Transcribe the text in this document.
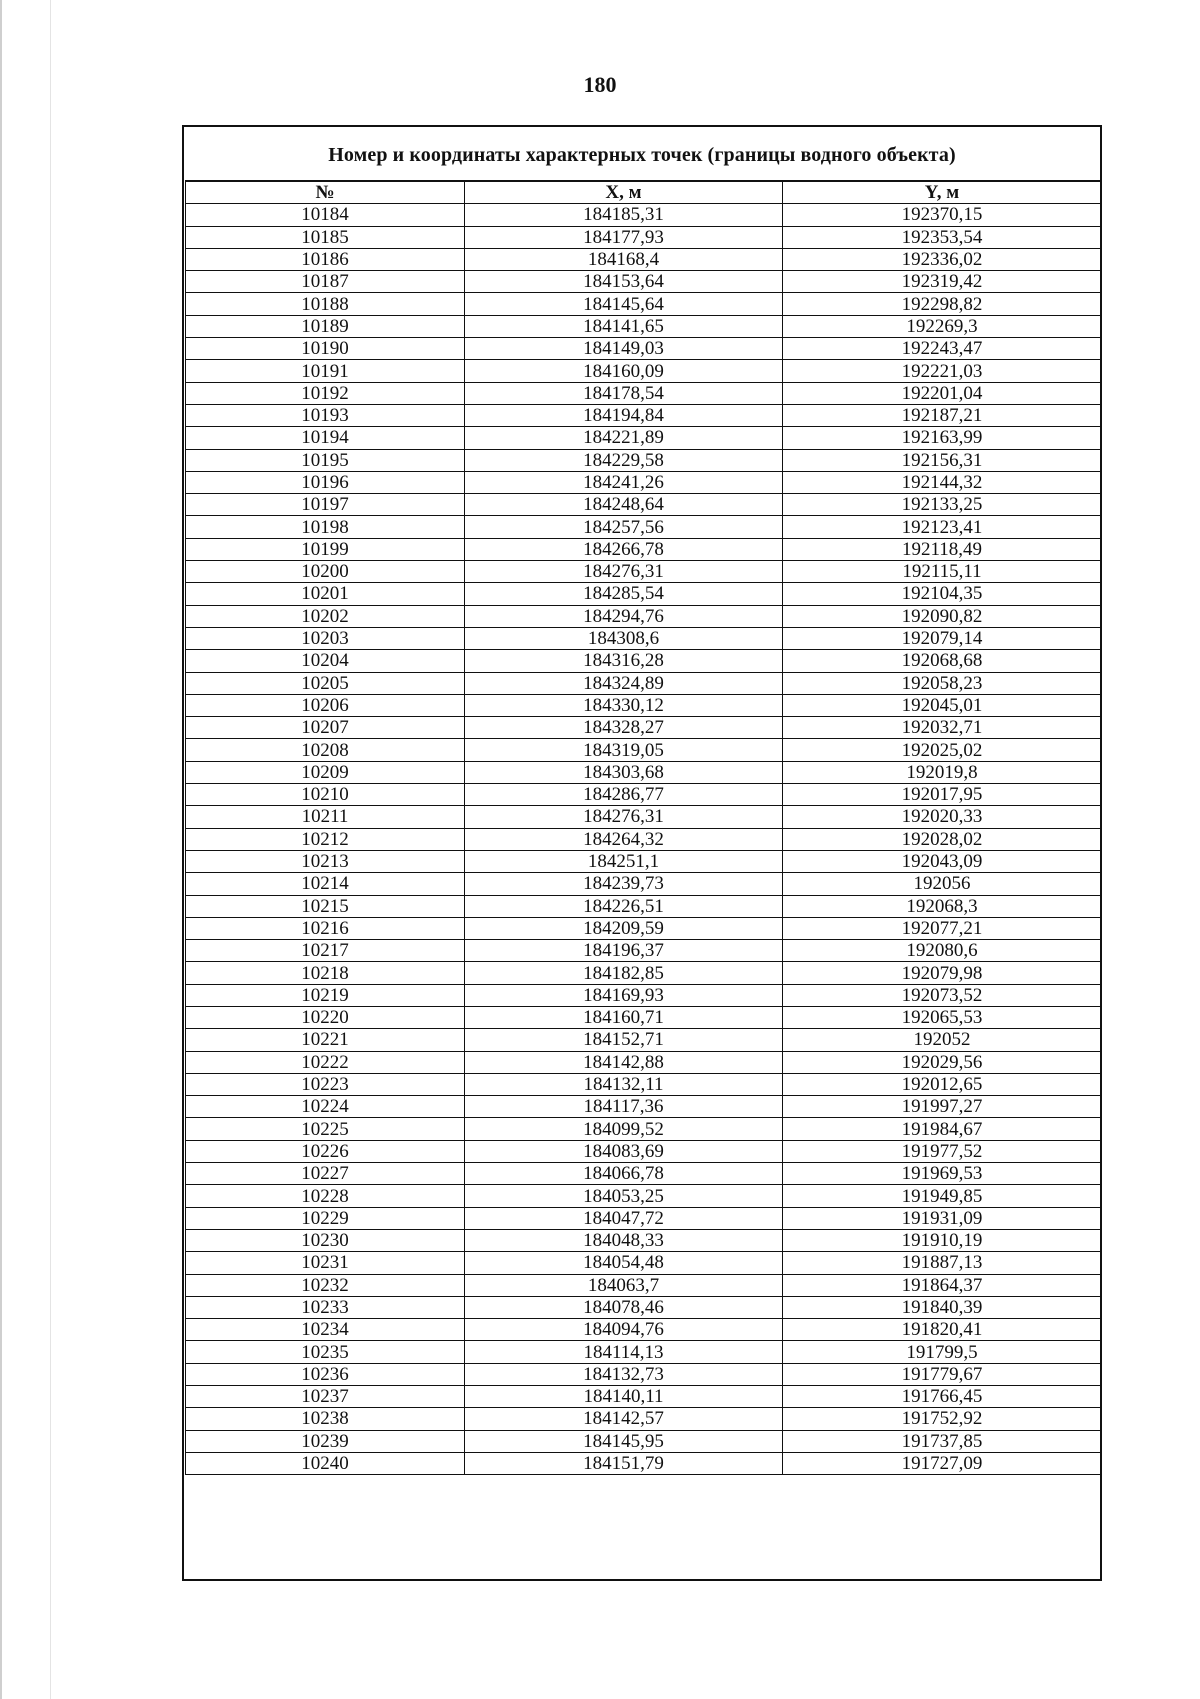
180
Номер и координаты характерных точек (границы водного объекта)
№	X, м	Y, м
10184	184185,31	192370,15
10185	184177,93	192353,54
10186	184168,4	192336,02
10187	184153,64	192319,42
10188	184145,64	192298,82
10189	184141,65	192269,3
10190	184149,03	192243,47
10191	184160,09	192221,03
10192	184178,54	192201,04
10193	184194,84	192187,21
10194	184221,89	192163,99
10195	184229,58	192156,31
10196	184241,26	192144,32
10197	184248,64	192133,25
10198	184257,56	192123,41
10199	184266,78	192118,49
10200	184276,31	192115,11
10201	184285,54	192104,35
10202	184294,76	192090,82
10203	184308,6	192079,14
10204	184316,28	192068,68
10205	184324,89	192058,23
10206	184330,12	192045,01
10207	184328,27	192032,71
10208	184319,05	192025,02
10209	184303,68	192019,8
10210	184286,77	192017,95
10211	184276,31	192020,33
10212	184264,32	192028,02
10213	184251,1	192043,09
10214	184239,73	192056
10215	184226,51	192068,3
10216	184209,59	192077,21
10217	184196,37	192080,6
10218	184182,85	192079,98
10219	184169,93	192073,52
10220	184160,71	192065,53
10221	184152,71	192052
10222	184142,88	192029,56
10223	184132,11	192012,65
10224	184117,36	191997,27
10225	184099,52	191984,67
10226	184083,69	191977,52
10227	184066,78	191969,53
10228	184053,25	191949,85
10229	184047,72	191931,09
10230	184048,33	191910,19
10231	184054,48	191887,13
10232	184063,7	191864,37
10233	184078,46	191840,39
10234	184094,76	191820,41
10235	184114,13	191799,5
10236	184132,73	191779,67
10237	184140,11	191766,45
10238	184142,57	191752,92
10239	184145,95	191737,85
10240	184151,79	191727,09
